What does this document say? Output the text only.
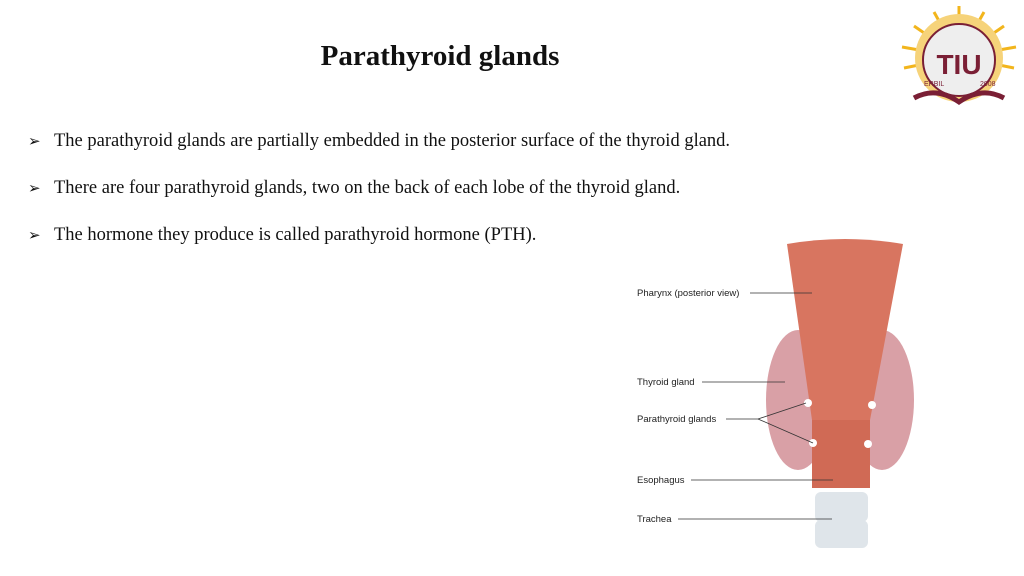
Parathyroid glands
➢ The parathyroid glands are partially embedded in the posterior surface of the thyroid gland.
➢ There are four parathyroid glands, two on the back of each lobe of the thyroid gland.
➢ The hormone they produce is called parathyroid hormone (PTH).
TIU
ERBIL	2008
Pharynx (posterior view)
Thyroid gland
Parathyroid glands
Esophagus
Trachea
